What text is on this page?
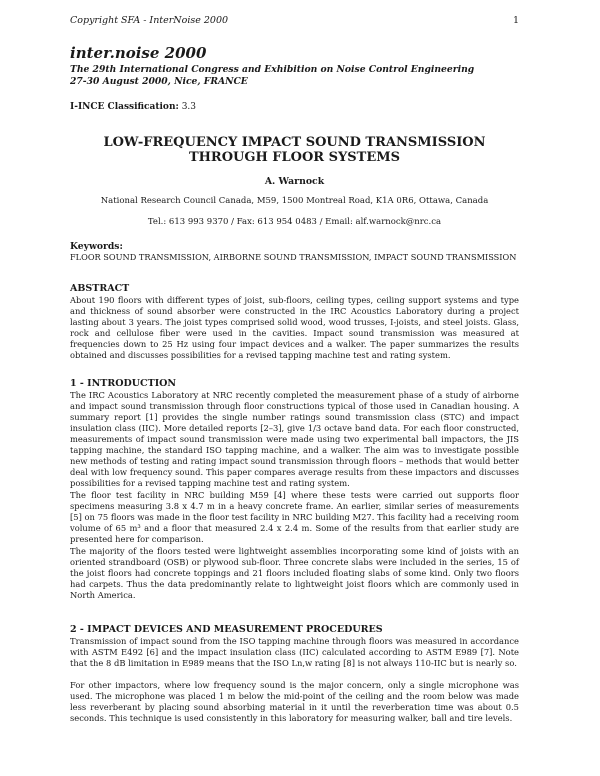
Copyright SFA - InterNoise 2000	1
inter.noise 2000
The 29th International Congress and Exhibition on Noise Control Engineering
27-30 August 2000, Nice, FRANCE
I-INCE Classification: 3.3
LOW-FREQUENCY IMPACT SOUND TRANSMISSION
THROUGH FLOOR SYSTEMS
A. Warnock
National Research Council Canada, M59, 1500 Montreal Road, K1A 0R6, Ottawa, Canada
Tel.: 613 993 9370 / Fax: 613 954 0483 / Email: alf.warnock@nrc.ca
Keywords:
FLOOR SOUND TRANSMISSION, AIRBORNE SOUND TRANSMISSION, IMPACT SOUND TRANSMISSION
ABSTRACT
About 190 floors with different types of joist, sub-floors, ceiling types, ceiling support systems and type and thickness of sound absorber were constructed in the IRC Acoustics Laboratory during a project lasting about 3 years. The joist types comprised solid wood, wood trusses, I-joists, and steel joists. Glass, rock and cellulose fiber were used in the cavities. Impact sound transmission was measured at frequencies down to 25 Hz using four impact devices and a walker. The paper summarizes the results obtained and discusses possibilities for a revised tapping machine test and rating system.
1 - INTRODUCTION
The IRC Acoustics Laboratory at NRC recently completed the measurement phase of a study of airborne and impact sound transmission through floor constructions typical of those used in Canadian housing. A summary report [1] provides the single number ratings sound transmission class (STC) and impact insulation class (IIC). More detailed reports [2–3], give 1/3 octave band data. For each floor constructed, measurements of impact sound transmission were made using two experimental ball impactors, the JIS tapping machine, the standard ISO tapping machine, and a walker. The aim was to investigate possible new methods of testing and rating impact sound transmission through floors – methods that would better deal with low frequency sound. This paper compares average results from these impactors and discusses possibilities for a revised tapping machine test and rating system.
The floor test facility in NRC building M59 [4] where these tests were carried out supports floor specimens measuring 3.8 x 4.7 m in a heavy concrete frame. An earlier, similar series of measurements [5] on 75 floors was made in the floor test facility in NRC building M27. This facility had a receiving room volume of 65 m³ and a floor that measured 2.4 x 2.4 m. Some of the results from that earlier study are presented here for comparison.
The majority of the floors tested were lightweight assemblies incorporating some kind of joists with an oriented strandboard (OSB) or plywood sub-floor. Three concrete slabs were included in the series, 15 of the joist floors had concrete toppings and 21 floors included floating slabs of some kind. Only two floors had carpets. Thus the data predominantly relate to lightweight joist floors which are commonly used in North America.
2 - IMPACT DEVICES AND MEASUREMENT PROCEDURES
Transmission of impact sound from the ISO tapping machine through floors was measured in accordance with ASTM E492 [6] and the impact insulation class (IIC) calculated according to ASTM E989 [7]. Note that the 8 dB limitation in E989 means that the ISO Ln,w rating [8] is not always 110-IIC but is nearly so.
For other impactors, where low frequency sound is the major concern, only a single microphone was used. The microphone was placed 1 m below the mid-point of the ceiling and the room below was made less reverberant by placing sound absorbing material in it until the reverberation time was about 0.5 seconds. This technique is used consistently in this laboratory for measuring walker, ball and tire levels.
